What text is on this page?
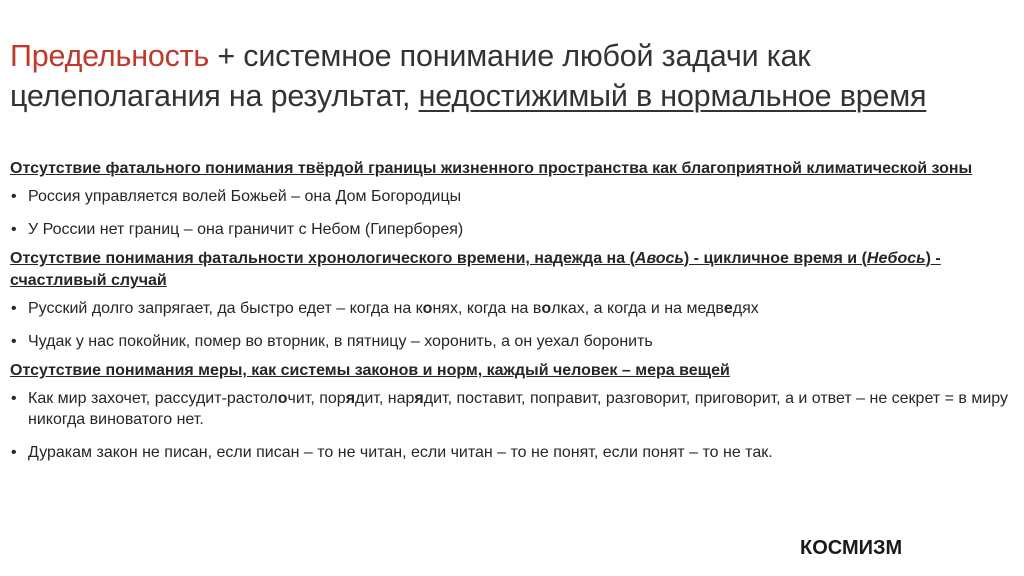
Предельность + системное понимание любой задачи как целеполагания на результат, недостижимый в нормальное время

Отсутствие фатального понимания твёрдой границы жизненного пространства как благоприятной климатической зоны

• Россия управляется волей Божьей – она Дом Богородицы

• У России нет границ – она граничит с Небом (Гиперборея)

Отсутствие понимания фатальности хронологического времени, надежда на (Авось) - цикличное время и (Небось) - счастливый случай

• Русский долго запрягает, да быстро едет – когда на конях, когда на волках, а когда и на медведях

• Чудак у нас покойник, помер во вторник, в пятницу – хоронить, а он уехал боронить

Отсутствие понимания меры, как системы законов и норм, каждый человек – мера вещей

• Как мир захочет, рассудит-растолочит, порядит, нарядит, поставит, поправит, разговорит, приговорит, а и ответ – не секрет = в миру никогда виноватого нет.

• Дуракам закон не писан, если писан – то не читан, если читан – то не понят, если понят – то не так.

КОСМИЗМ
